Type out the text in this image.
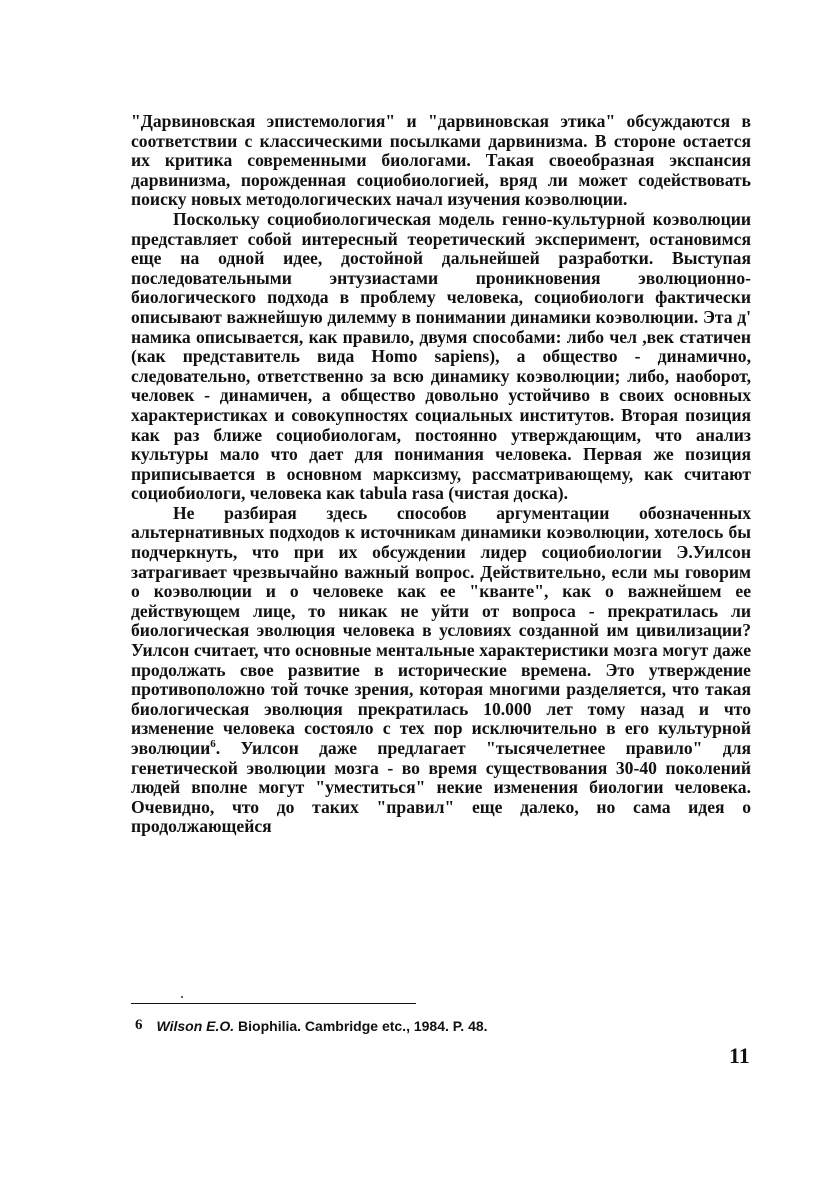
"Дарвиновская эпистемология" и "дарвиновская этика" обсуждаются в соответствии с классическими посылками дарвинизма. В стороне остается их критика современными биологами. Такая своеобразная экспансия дарвинизма, порожденная социобиологией, вряд ли может содействовать поиску новых методологических начал изучения коэволюции.

Поскольку социобиологическая модель генно-культурной коэволюции представляет собой интересный теоретический эксперимент, остановимся еще на одной идее, достойной дальнейшей разработки. Выступая последовательными энтузиастами проникновения эволюционно-биологического подхода в проблему человека, социобиологи фактически описывают важнейшую дилемму в понимании динамики коэволюции. Эта д' намика описывается, как правило, двумя способами: либо чел ,век статичен (как представитель вида Homo sapiens), а общество - динамично, следовательно, ответственно за всю динамику коэволюции; либо, наоборот, человек - динамичен, а общество довольно устойчиво в своих основных характеристиках и совокупностях социальных институтов. Вторая позиция как раз ближе социобиологам, постоянно утверждающим, что анализ культуры мало что дает для понимания человека. Первая же позиция приписывается в основном марксизму, рассматривающему, как считают социобиологи, человека как tabula rasa (чистая доска).

Не разбирая здесь способов аргументации обозначенных альтернативных подходов к источникам динамики коэволюции, хотелось бы подчеркнуть, что при их обсуждении лидер социобиологии Э.Уилсон затрагивает чрезвычайно важный вопрос. Действительно, если мы говорим о коэволюции и о человеке как ее "кванте", как о важнейшем ее действующем лице, то никак не уйти от вопроса - прекратилась ли биологическая эволюция человека в условиях созданной им цивилизации? Уилсон считает, что основные ментальные характеристики мозга могут даже продолжать свое развитие в исторические времена. Это утверждение противоположно той точке зрения, которая многими разделяется, что такая биологическая эволюция прекратилась 10.000 лет тому назад и что изменение человека состояло с тех пор исключительно в его культурной эволюции$^6$. Уилсон даже предлагает "тысячелетнее правило" для генетической эволюции мозга - во время существования 30-40 поколений людей вполне могут "уместиться" некие изменения биологии человека. Очевидно, что до таких "правил" еще далеко, но сама идея о продолжающейся

6 Wilson E.O. Biophilia. Cambridge etc., 1984. P. 48.
11
